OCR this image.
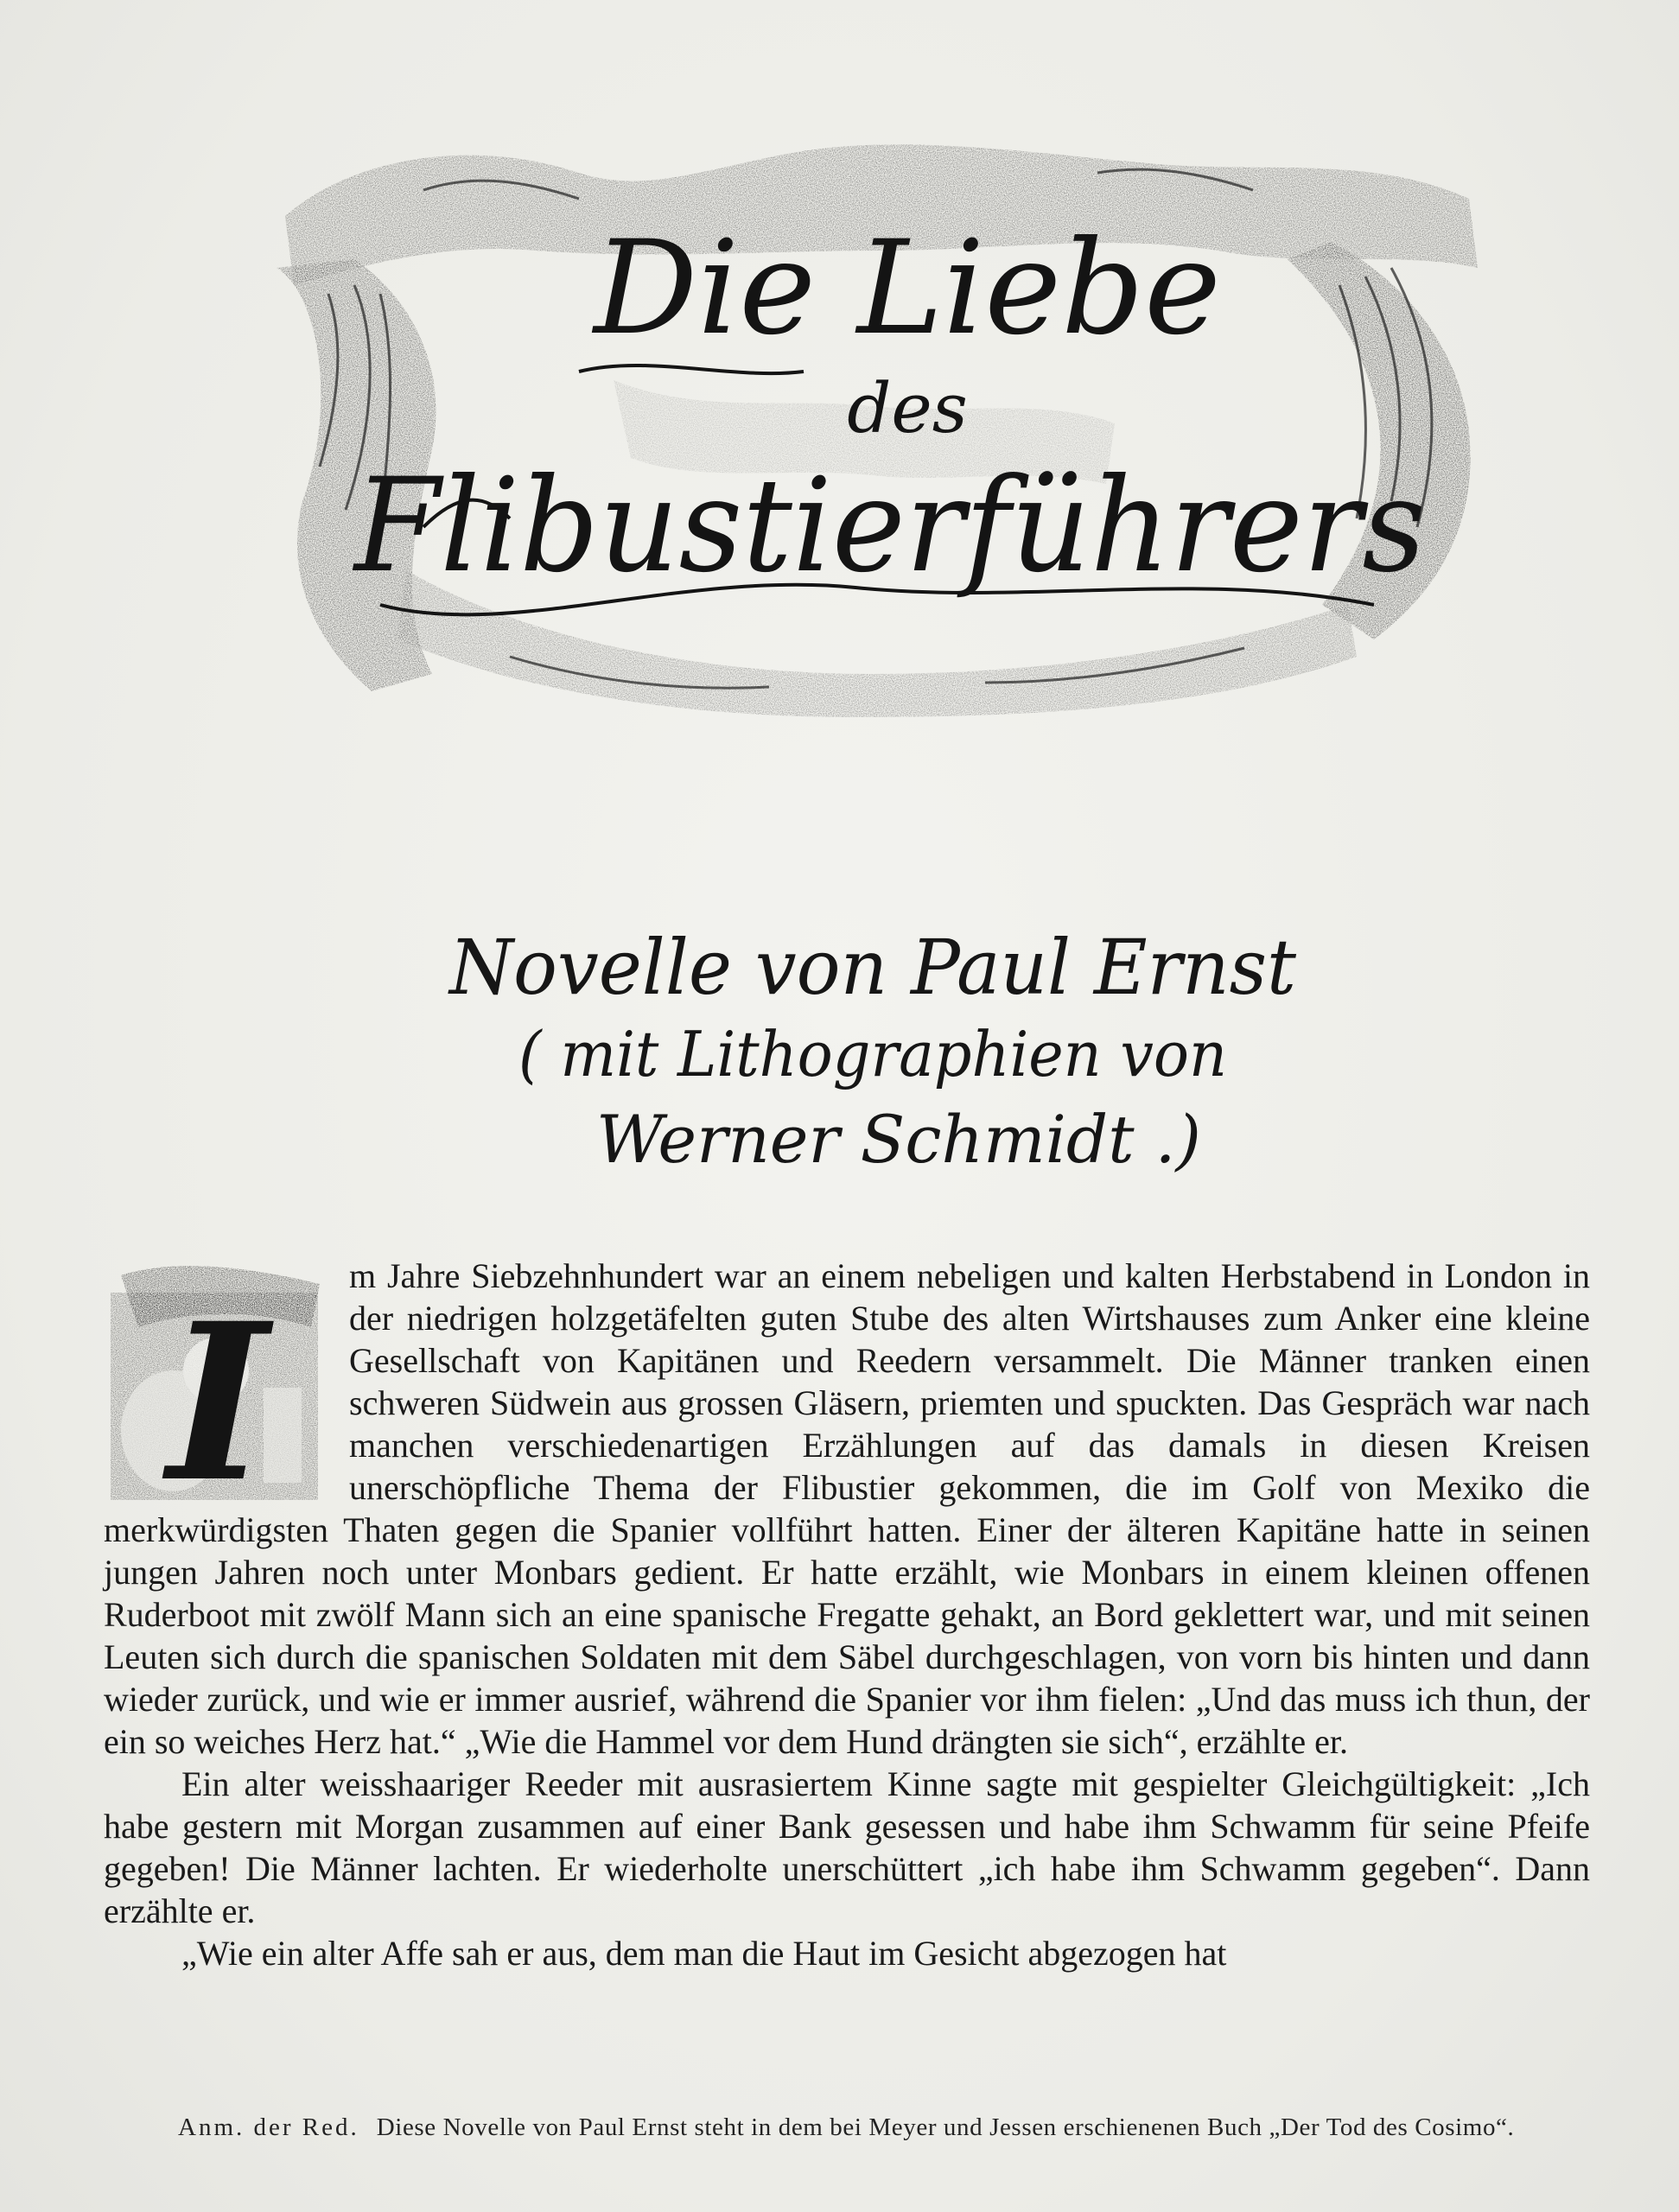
Die Liebe
des
Flibustierführers
Novelle von Paul Ernst
( mit Lithographien von
Werner Schmidt .)
I	m Jahre Siebzehnhundert war an einem nebeligen und kalten Herbstabend in London in der niedrigen holzgetäfelten guten Stube des alten Wirtshauses zum Anker eine kleine Gesellschaft von Kapitänen und Reedern versammelt. Die Männer tranken einen schweren Südwein aus grossen Gläsern, priemten und spuckten. Das Gespräch war nach manchen verschiedenartigen Erzählungen auf das damals in diesen Kreisen unerschöpfliche Thema der Flibustier gekommen, die im Golf von Mexiko die merkwürdigsten Thaten gegen die Spanier vollführt hatten. Einer der älteren Kapitäne hatte in seinen jungen Jahren noch unter Monbars gedient. Er hatte erzählt, wie Monbars in einem kleinen offenen Ruderboot mit zwölf Mann sich an eine spanische Fregatte gehakt, an Bord geklettert war, und mit seinen Leuten sich durch die spanischen Soldaten mit dem Säbel durchgeschlagen, von vorn bis hinten und dann wieder zurück, und wie er immer ausrief, während die Spanier vor ihm fielen: „Und das muss ich thun, der ein so weiches Herz hat.“ „Wie die Hammel vor dem Hund drängten sie sich“, erzählte er.

Ein alter weisshaariger Reeder mit ausrasiertem Kinne sagte mit gespielter Gleichgültigkeit: „Ich habe gestern mit Morgan zusammen auf einer Bank gesessen und habe ihm Schwamm für seine Pfeife gegeben! Die Männer lachten. Er wiederholte unerschüttert „ich habe ihm Schwamm gegeben“. Dann erzählte er.

„Wie ein alter Affe sah er aus, dem man die Haut im Gesicht abgezogen hat

Anm. der Red. Diese Novelle von Paul Ernst steht in dem bei Meyer und Jessen erschienenen Buch „Der Tod des Cosimo“.
